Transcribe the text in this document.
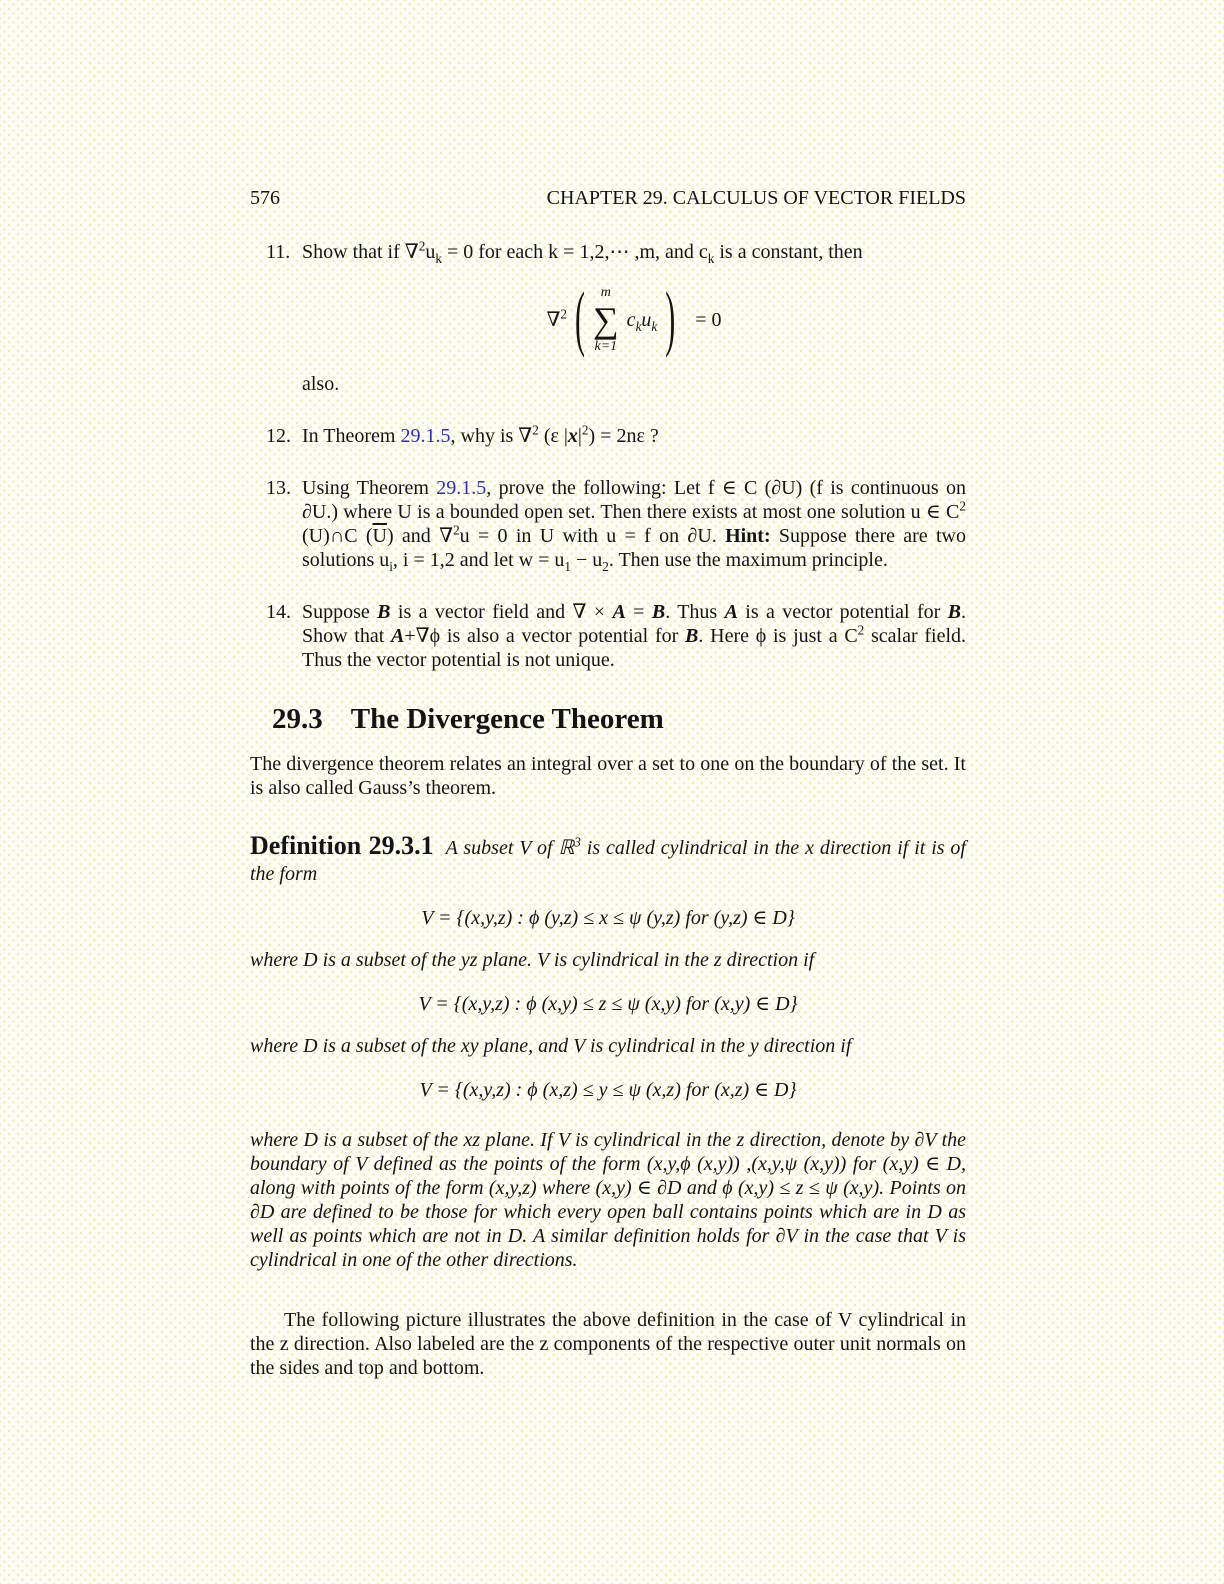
576	CHAPTER 29. CALCULUS OF VECTOR FIELDS
11. Show that if $\nabla^2u_k = 0$ for each k = 1,2,⋯ ,m, and $c_k$ is a constant, then

∇$^2$ ( m
∑
k=1
$c_ku_k$ ) = 0

also.

12. In Theorem 29.1.5, why is ∇$^2$ (ε $|x|^2) = 2n\varepsilon$ ?

13. Using Theorem 29.1.5, prove the following: Let f ∈ C (∂U) (f is continuous on ∂U.) where U is a bounded open set. Then there exists at most one solution u ∈ $C^2$ (U)∩C $(\overline{U})$ and ∇$^2$u = 0 in U with u = f on ∂U. Hint: Suppose there are two solutions $u_i$, i = 1,2 and let $w = u_1 - u_2$. Then use the maximum principle.

14. Suppose B is a vector field and ∇ × A = B. Thus A is a vector potential for B. Show that A+∇ϕ is also a vector potential for B. Here ϕ is just a $C^2$ scalar field. Thus the vector potential is not unique.

29.3 The Divergence Theorem

The divergence theorem relates an integral over a set to one on the boundary of the set. It is also called Gauss’s theorem.

Definition 29.3.1 A subset V of ℝ$^3$ is called cylindrical in the x direction if it is of the form

V = {(x,y,z) : ϕ (y,z) ≤ x ≤ ψ (y,z) for (y,z) ∈ D}

where D is a subset of the yz plane. V is cylindrical in the z direction if

V = {(x,y,z) : ϕ (x,y) ≤ z ≤ ψ (x,y) for (x,y) ∈ D}

where D is a subset of the xy plane, and V is cylindrical in the y direction if

V = {(x,y,z) : ϕ (x,z) ≤ y ≤ ψ (x,z) for (x,z) ∈ D}

where D is a subset of the xz plane. If V is cylindrical in the z direction, denote by ∂V the boundary of V defined as the points of the form (x,y,ϕ (x,y)) ,(x,y,ψ (x,y)) for (x,y) ∈ D, along with points of the form (x,y,z) where (x,y) ∈ ∂D and ϕ (x,y) ≤ z ≤ ψ (x,y). Points on ∂D are defined to be those for which every open ball contains points which are in D as well as points which are not in D. A similar definition holds for ∂V in the case that V is cylindrical in one of the other directions.

The following picture illustrates the above definition in the case of V cylindrical in the z direction. Also labeled are the z components of the respective outer unit normals on the sides and top and bottom.
